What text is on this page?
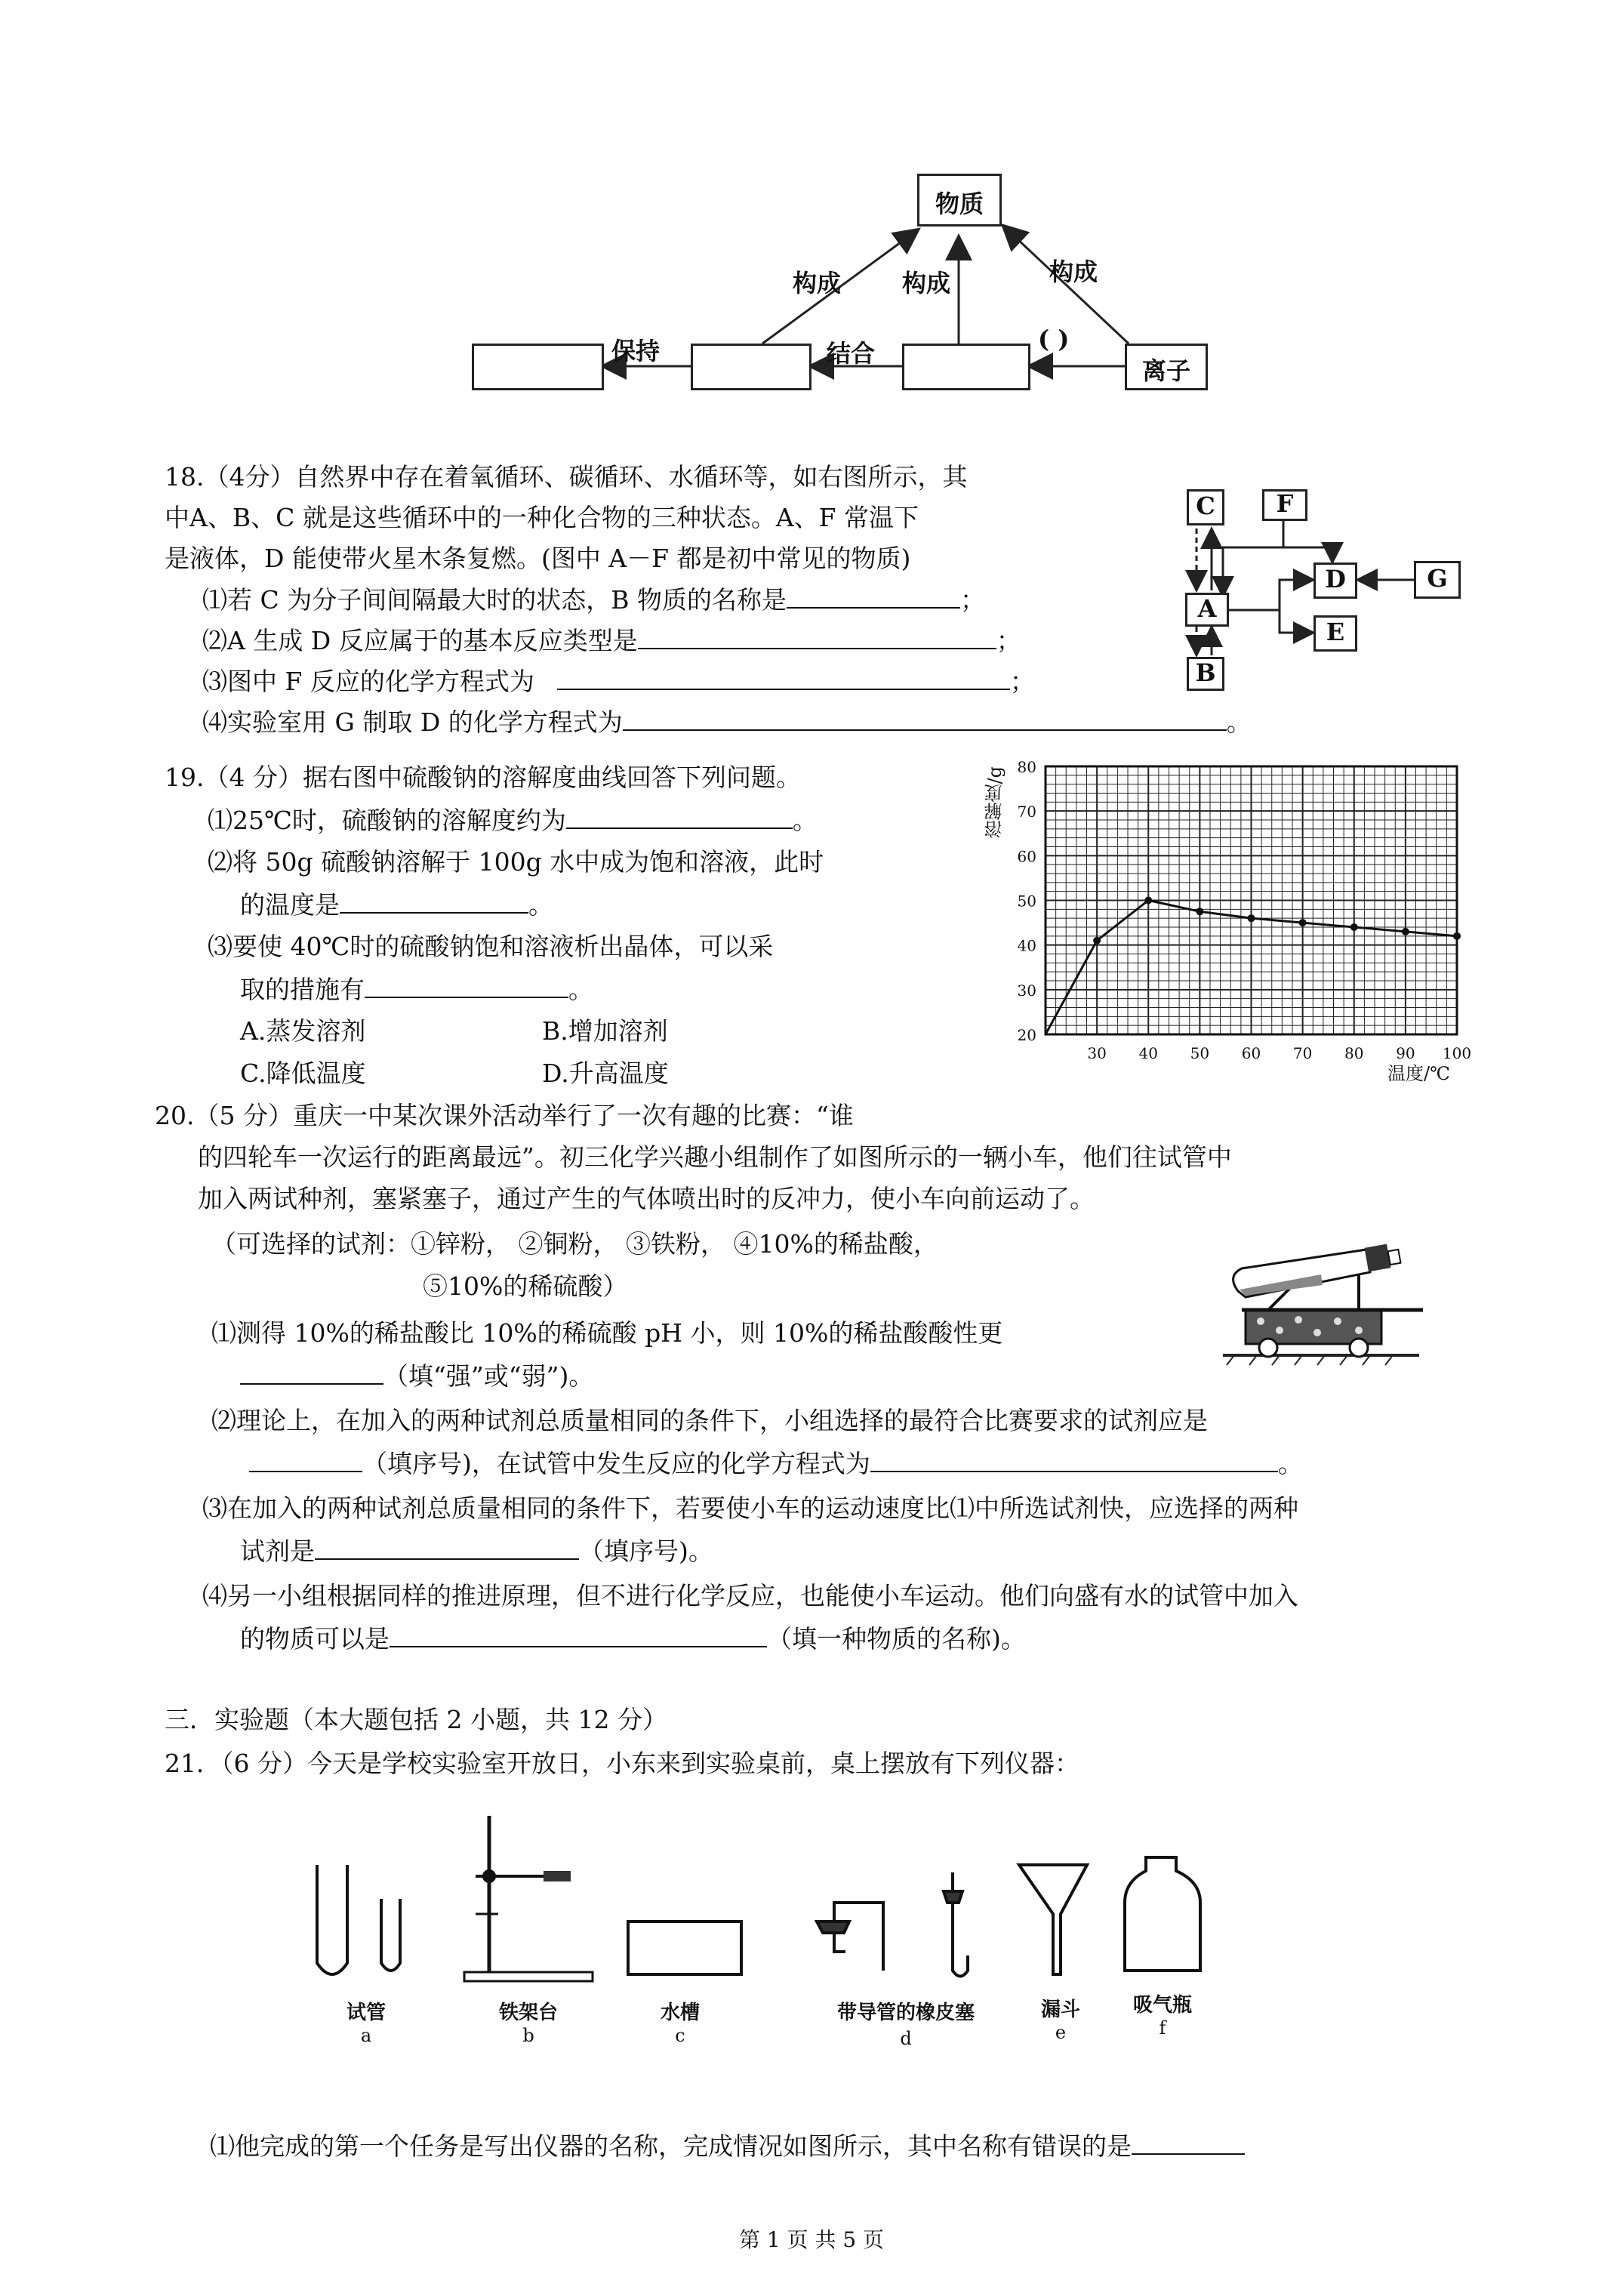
物质
离子
构成	构成	构成
保持	结合	( )
18.（4分）自然界中存在着氧循环、碳循环、水循环等，如右图所示，其
中A、B、C 就是这些循环中的一种化合物的三种状态。A、F 常温下
是液体，D 能使带火星木条复燃。(图中 A－F 都是初中常见的物质)
⑴若 C 为分子间间隔最大时的状态，B 物质的名称是	；
⑵A 生成 D 反应属于的基本反应类型是	；
⑶图中 F 反应的化学方程式为	；
⑷实验室用 G 制取 D 的化学方程式为	。
C	F
D	G
A
E
B
19.（4 分）据右图中硫酸钠的溶解度曲线回答下列问题。
⑴25℃时，硫酸钠的溶解度约为	。
⑵将 50g 硫酸钠溶解于 100g 水中成为饱和溶液，此时
的温度是	。
⑶要使 40℃时的硫酸钠饱和溶液析出晶体，可以采
取的措施有	。
A.蒸发溶剂	B.增加溶剂
C.降低温度	D.升高温度
20
30
40
50
60
70
80
30 40 50 60 70 80 90 100
溶解度/g
温度/℃
20.（5 分）重庆一中某次课外活动举行了一次有趣的比赛：“谁
的四轮车一次运行的距离最远”。初三化学兴趣小组制作了如图所示的一辆小车，他们往试管中
加入两试种剂，塞紧塞子，通过产生的气体喷出时的反冲力，使小车向前运动了。
（可选择的试剂：①锌粉， ②铜粉， ③铁粉， ④10%的稀盐酸，
⑤10%的稀硫酸）
⑴测得 10%的稀盐酸比 10%的稀硫酸 pH 小，则 10%的稀盐酸酸性更
（填“强”或“弱”)。
⑵理论上，在加入的两种试剂总质量相同的条件下，小组选择的最符合比赛要求的试剂应是
（填序号)，在试管中发生反应的化学方程式为	。
⑶在加入的两种试剂总质量相同的条件下，若要使小车的运动速度比⑴中所选试剂快，应选择的两种
试剂是	（填序号)。
⑷另一小组根据同样的推进原理，但不进行化学反应，也能使小车运动。他们向盛有水的试管中加入
的物质可以是	（填一种物质的名称)。
三．实验题（本大题包括 2 小题，共 12 分）
21．（6 分）今天是学校实验室开放日，小东来到实验桌前，桌上摆放有下列仪器：
试管
a
铁架台
b
水槽
c
带导管的橡皮塞
d
漏斗
e
吸气瓶
f
⑴他完成的第一个任务是写出仪器的名称，完成情况如图所示，其中名称有错误的是
第 1 页 共 5 页
